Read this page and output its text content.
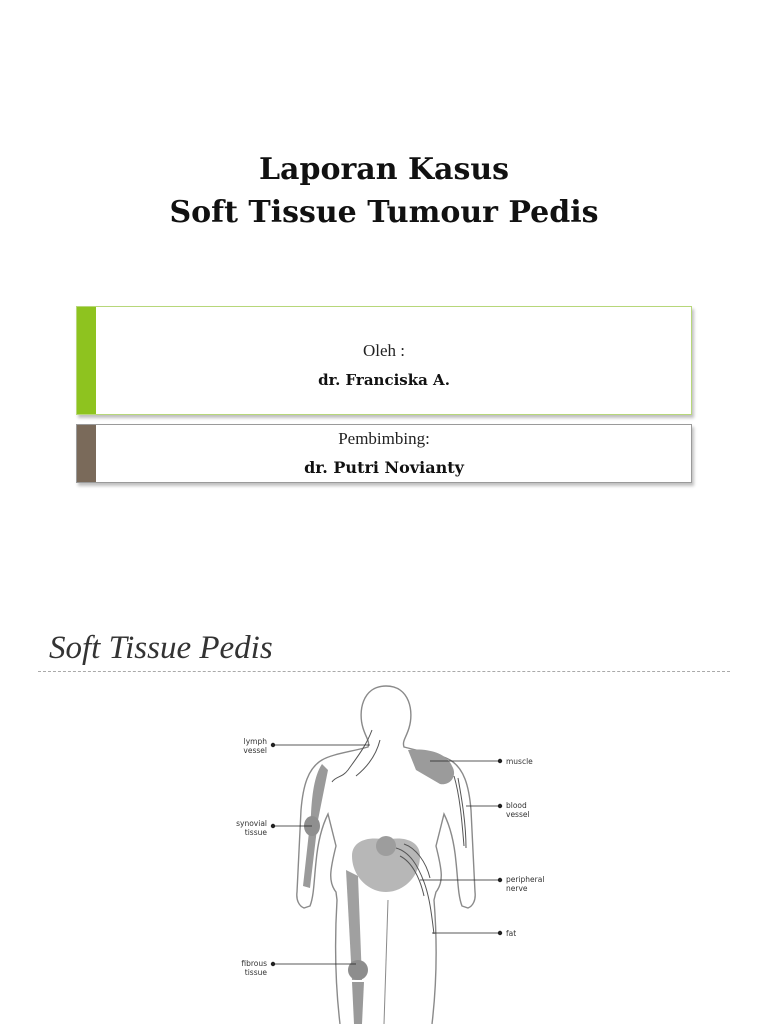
Laporan Kasus
Soft Tissue Tumour Pedis
Oleh :
dr. Franciska A.
Pembimbing:
dr. Putri Novianty
Soft Tissue Pedis
lymph
vessel
synovial
tissue
fibrous
tissue
muscle
blood
vessel
peripheral
nerve
fat
